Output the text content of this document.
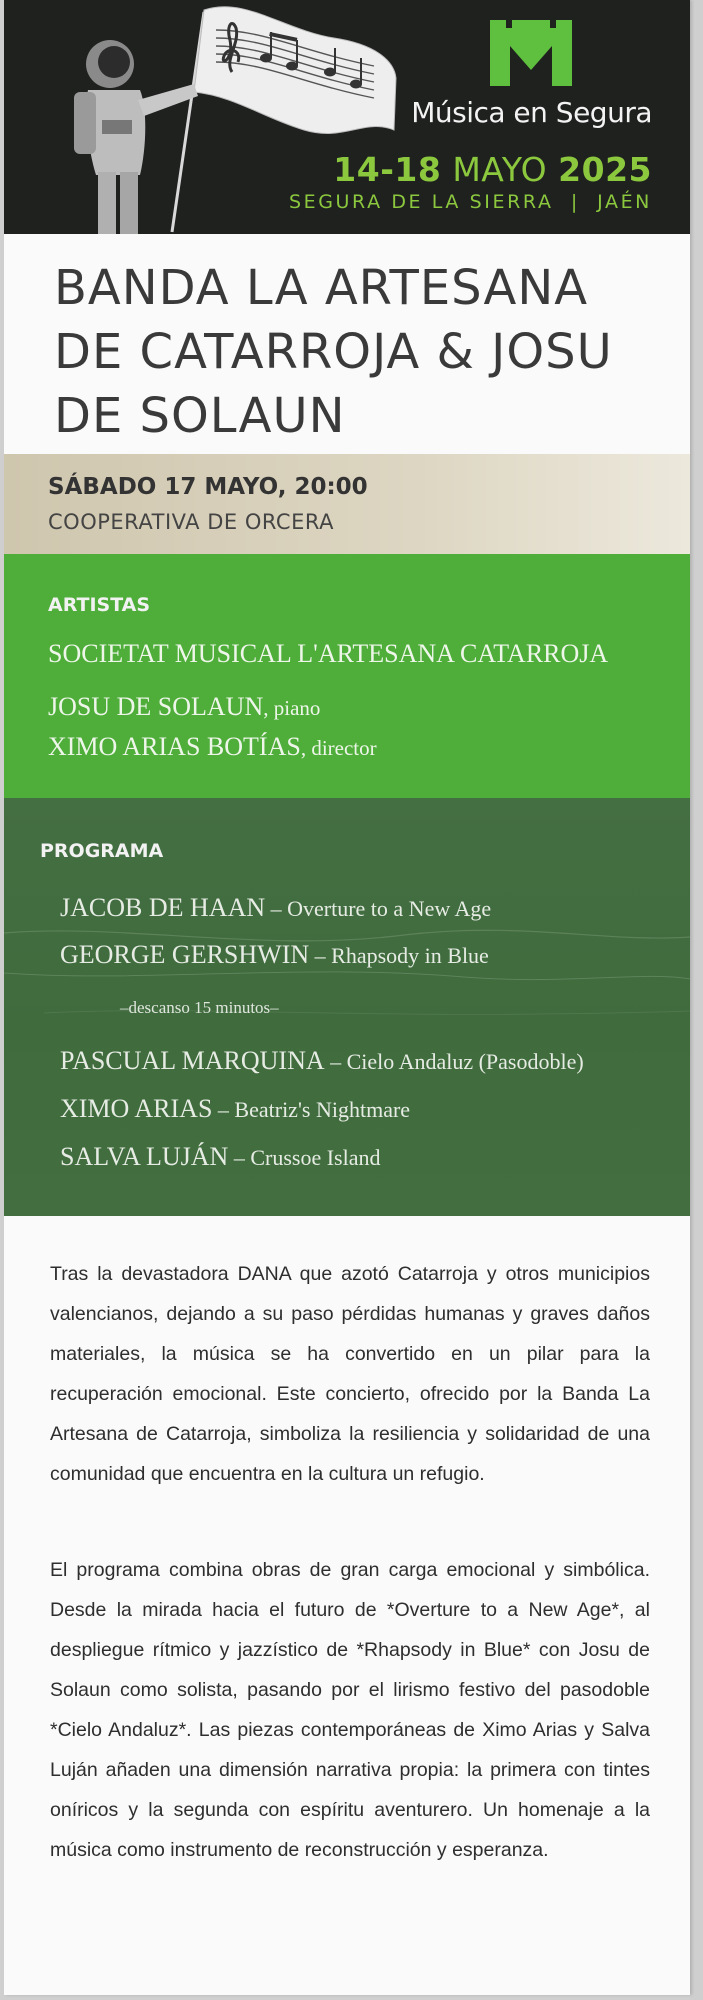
Música en Segura
14-18 MAYO 2025
SEGURA DE LA SIERRA  |  JAÉN
BANDA LA ARTESANA
DE CATARROJA & JOSU
DE SOLAUN
SÁBADO 17 MAYO, 20:00
COOPERATIVA DE ORCERA
ARTISTAS
SOCIETAT MUSICAL L'ARTESANA CATARROJA
JOSU DE SOLAUN, piano
XIMO ARIAS BOTÍAS, director
PROGRAMA
JACOB DE HAAN – Overture to a New Age
GEORGE GERSHWIN – Rhapsody in Blue
–descanso 15 minutos–
PASCUAL MARQUINA – Cielo Andaluz (Pasodoble)
XIMO ARIAS – Beatriz's Nightmare
SALVA LUJÁN – Crussoe Island

Tras la devastadora DANA que azotó Catarroja y otros municipios valencianos, dejando a su paso pérdidas humanas y graves daños materiales, la música se ha convertido en un pilar para la recuperación emocional. Este concierto, ofrecido por la Banda La Artesana de Catarroja, simboliza la resiliencia y solidaridad de una comunidad que encuentra en la cultura un refugio.

El programa combina obras de gran carga emocional y simbólica. Desde la mirada hacia el futuro de *Overture to a New Age*, al despliegue rítmico y jazzístico de *Rhapsody in Blue* con Josu de Solaun como solista, pasando por el lirismo festivo del pasodoble *Cielo Andaluz*. Las piezas contemporáneas de Ximo Arias y Salva Luján añaden una dimensión narrativa propia: la primera con tintes oníricos y la segunda con espíritu aventurero. Un homenaje a la música como instrumento de reconstrucción y esperanza.
